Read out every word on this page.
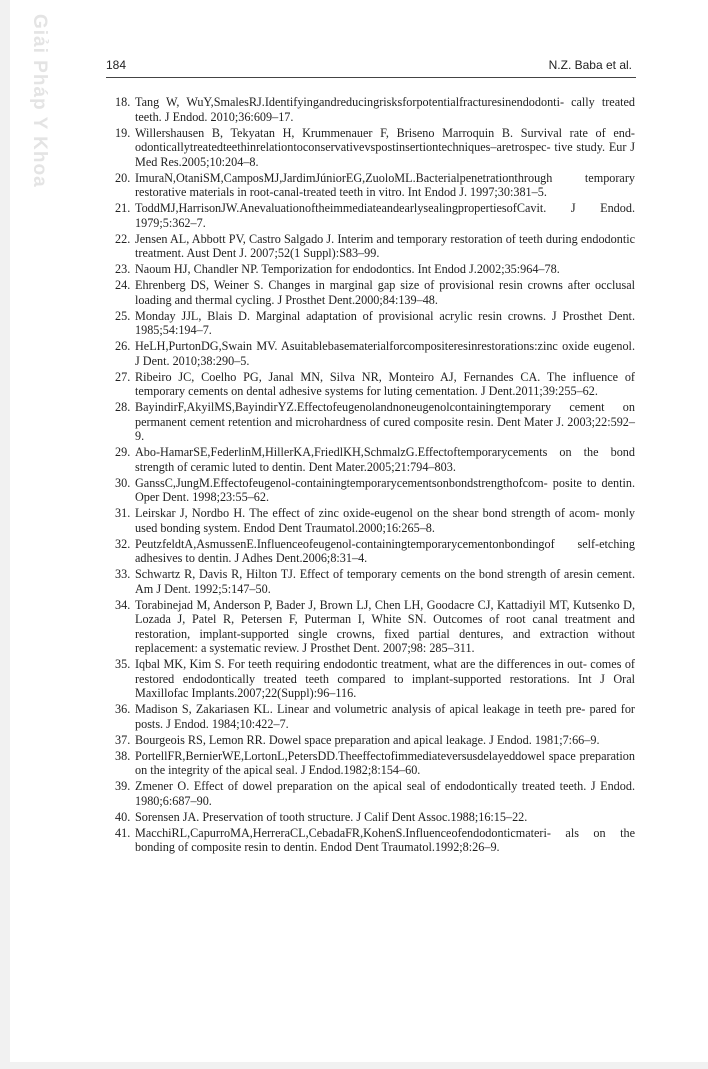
Giải Pháp Y Khoa	184	N.Z. Baba et al.
18. Tang W, WuY,SmalesRJ.Identifyingandreducingrisksforpotentialfracturesinendodonti- cally treated teeth. J Endod. 2010;36:609–17.
19. Willershausen B, Tekyatan H, Krummenauer F, Briseno Marroquin B. Survival rate of end- odonticallytreatedteethinrelationtoconservativevspostinsertiontechniques–aretrospec- tive study. Eur J Med Res.2005;10:204–8.
20. ImuraN,OtaniSM,CamposMJ,JardimJúniorEG,ZuoloML.Bacterialpenetrationthrough temporary restorative materials in root-canal-treated teeth in vitro. Int Endod J. 1997;30:381–5.
21. ToddMJ,HarrisonJW.AnevaluationoftheimmediateandearlysealingpropertiesofCavit. J Endod. 1979;5:362–7.
22. Jensen AL, Abbott PV, Castro Salgado J. Interim and temporary restoration of teeth during endodontic treatment. Aust Dent J. 2007;52(1 Suppl):S83–99.
23. Naoum HJ, Chandler NP. Temporization for endodontics. Int Endod J.2002;35:964–78.
24. Ehrenberg DS, Weiner S. Changes in marginal gap size of provisional resin crowns after occlusal loading and thermal cycling. J Prosthet Dent.2000;84:139–48.
25. Monday JJL, Blais D. Marginal adaptation of provisional acrylic resin crowns. J Prosthet Dent. 1985;54:194–7.
26. HeLH,PurtonDG,Swain MV. Asuitablebasematerialforcompositeresinrestorations:zinc oxide eugenol. J Dent. 2010;38:290–5.
27. Ribeiro JC, Coelho PG, Janal MN, Silva NR, Monteiro AJ, Fernandes CA. The influence of temporary cements on dental adhesive systems for luting cementation. J Dent.2011;39:255–62.
28. BayindirF,AkyilMS,BayindirYZ.Effectofeugenolandnoneugenolcontainingtemporary cement on permanent cement retention and microhardness of cured composite resin. Dent Mater J. 2003;22:592–9.
29. Abo-HamarSE,FederlinM,HillerKA,FriedlKH,SchmalzG.Effectoftemporarycements on the bond strength of ceramic luted to dentin. Dent Mater.2005;21:794–803.
30. GanssC,JungM.Effectofeugenol-containingtemporarycementsonbondstrengthofcom- posite to dentin. Oper Dent. 1998;23:55–62.
31. Leirskar J, Nordbo H. The effect of zinc oxide-eugenol on the shear bond strength of acom- monly used bonding system. Endod Dent Traumatol.2000;16:265–8.
32. PeutzfeldtA,AsmussenE.Influenceofeugenol-containingtemporarycementonbondingof self-etching adhesives to dentin. J Adhes Dent.2006;8:31–4.
33. Schwartz R, Davis R, Hilton TJ. Effect of temporary cements on the bond strength of aresin cement. Am J Dent. 1992;5:147–50.
34. Torabinejad M, Anderson P, Bader J, Brown LJ, Chen LH, Goodacre CJ, Kattadiyil MT, Kutsenko D, Lozada J, Patel R, Petersen F, Puterman I, White SN. Outcomes of root canal treatment and restoration, implant-supported single crowns, fixed partial dentures, and extraction without replacement: a systematic review. J Prosthet Dent. 2007;98: 285–311.
35. Iqbal MK, Kim S. For teeth requiring endodontic treatment, what are the differences in out- comes of restored endodontically treated teeth compared to implant-supported restorations. Int J Oral Maxillofac Implants.2007;22(Suppl):96–116.
36. Madison S, Zakariasen KL. Linear and volumetric analysis of apical leakage in teeth pre- pared for posts. J Endod. 1984;10:422–7.
37. Bourgeois RS, Lemon RR. Dowel space preparation and apical leakage. J Endod. 1981;7:66–9.
38. PortellFR,BernierWE,LortonL,PetersDD.Theeffectofimmediateversusdelayeddowel space preparation on the integrity of the apical seal. J Endod.1982;8:154–60.
39. Zmener O. Effect of dowel preparation on the apical seal of endodontically treated teeth. J Endod. 1980;6:687–90.
40. Sorensen JA. Preservation of tooth structure. J Calif Dent Assoc.1988;16:15–22.
41. MacchiRL,CapurroMA,HerreraCL,CebadaFR,KohenS.Influenceofendodonticmateri- als on the bonding of composite resin to dentin. Endod Dent Traumatol.1992;8:26–9.
